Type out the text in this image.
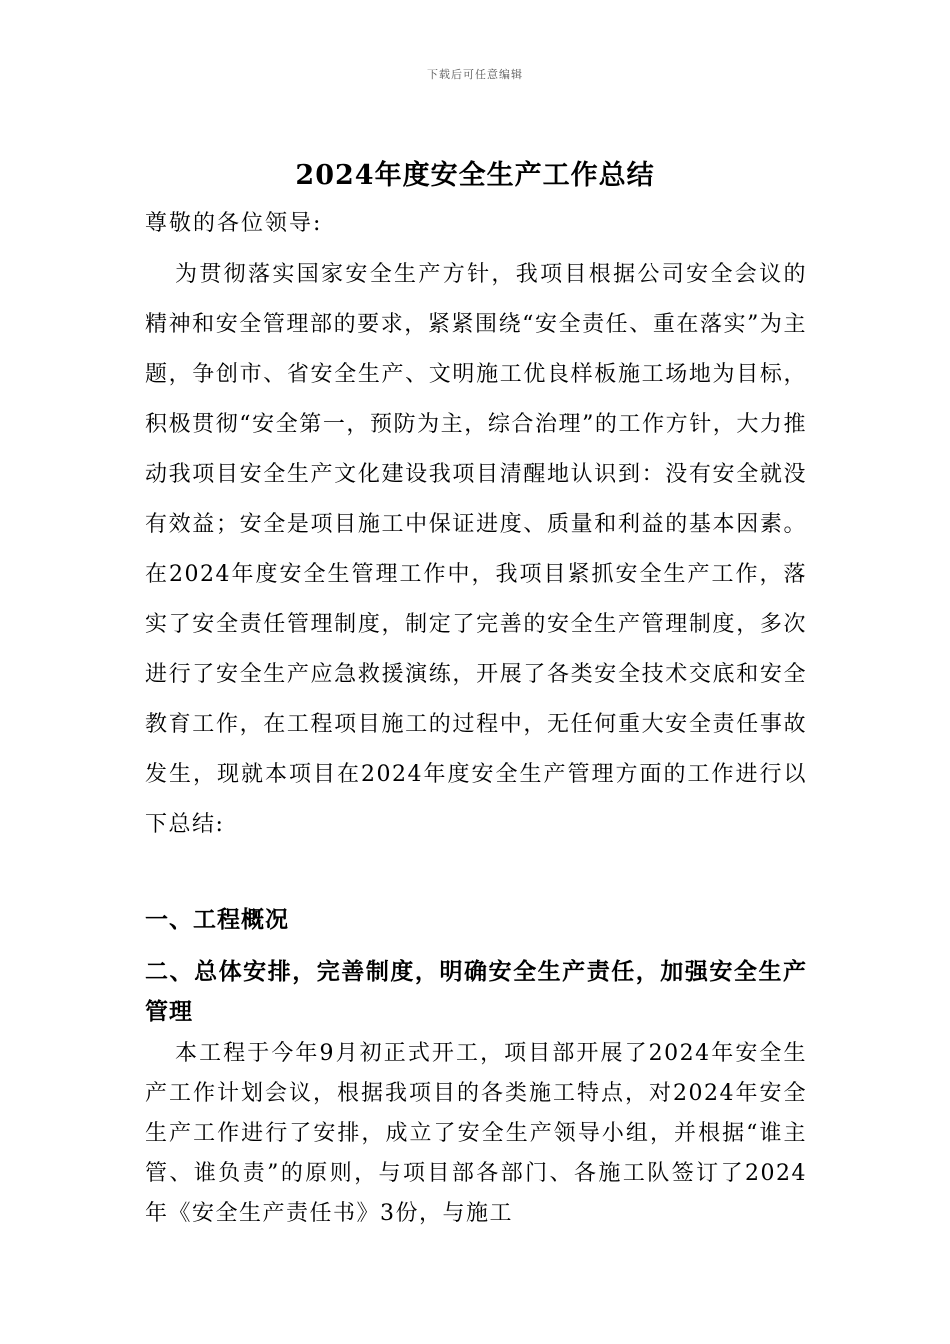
下载后可任意编辑
2024年度安全生产工作总结

尊敬的各位领导:

为贯彻落实国家安全生产方针，我项目根据公司安全会议的精神和安全管理部的要求，紧紧围绕“安全责任、重在落实”为主题，争创市、省安全生产、文明施工优良样板施工场地为目标，积极贯彻“安全第一，预防为主，综合治理”的工作方针，大力推动我项目安全生产文化建设我项目清醒地认识到：没有安全就没有效益；安全是项目施工中保证进度、质量和利益的基本因素。在2024年度安全生管理工作中，我项目紧抓安全生产工作，落实了安全责任管理制度，制定了完善的安全生产管理制度，多次进行了安全生产应急救援演练，开展了各类安全技术交底和安全教育工作，在工程项目施工的过程中，无任何重大安全责任事故发生，现就本项目在2024年度安全生产管理方面的工作进行以下总结:

一、工程概况
二、总体安排，完善制度，明确安全生产责任，加强安全生产管理

本工程于今年9月初正式开工，项目部开展了2024年安全生产工作计划会议，根据我项目的各类施工特点，对2024年安全生产工作进行了安排，成立了安全生产领导小组，并根据“谁主管、谁负责”的原则，与项目部各部门、各施工队签订了2024年《安全生产责任书》3份，与施工
